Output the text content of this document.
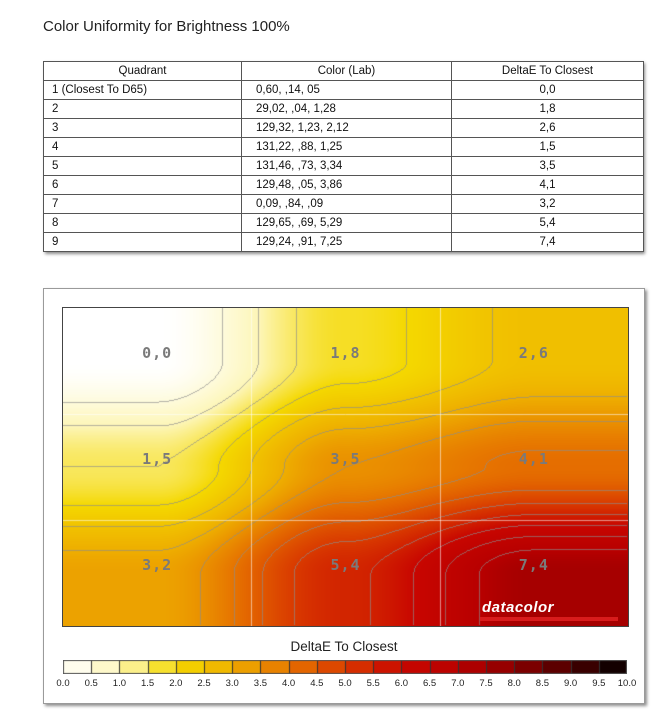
Color Uniformity for Brightness 100%
Quadrant	Color (Lab)	DeltaE To Closest
1 (Closest To D65)	0,60, ,14, 05	0,0
2	29,02, ,04, 1,28	1,8
3	129,32, 1,23, 2,12	2,6
4	131,22, ,88, 1,25	1,5
5	131,46, ,73, 3,34	3,5
6	129,48, ,05, 3,86	4,1
7	0,09, ,84, ,09	3,2
8	129,65, ,69, 5,29	5,4
9	129,24, ,91, 7,25	7,4
0,0	1,8	2,6
1,5	3,5	4,1
3,2	5,4	7,4
datacolor
DeltaE To Closest
0.0 0.5 1.0 1.5 2.0 2.5 3.0 3.5 4.0 4.5 5.0 5.5 6.0 6.5 7.0 7.5 8.0 8.5 9.0 9.5 10.0
